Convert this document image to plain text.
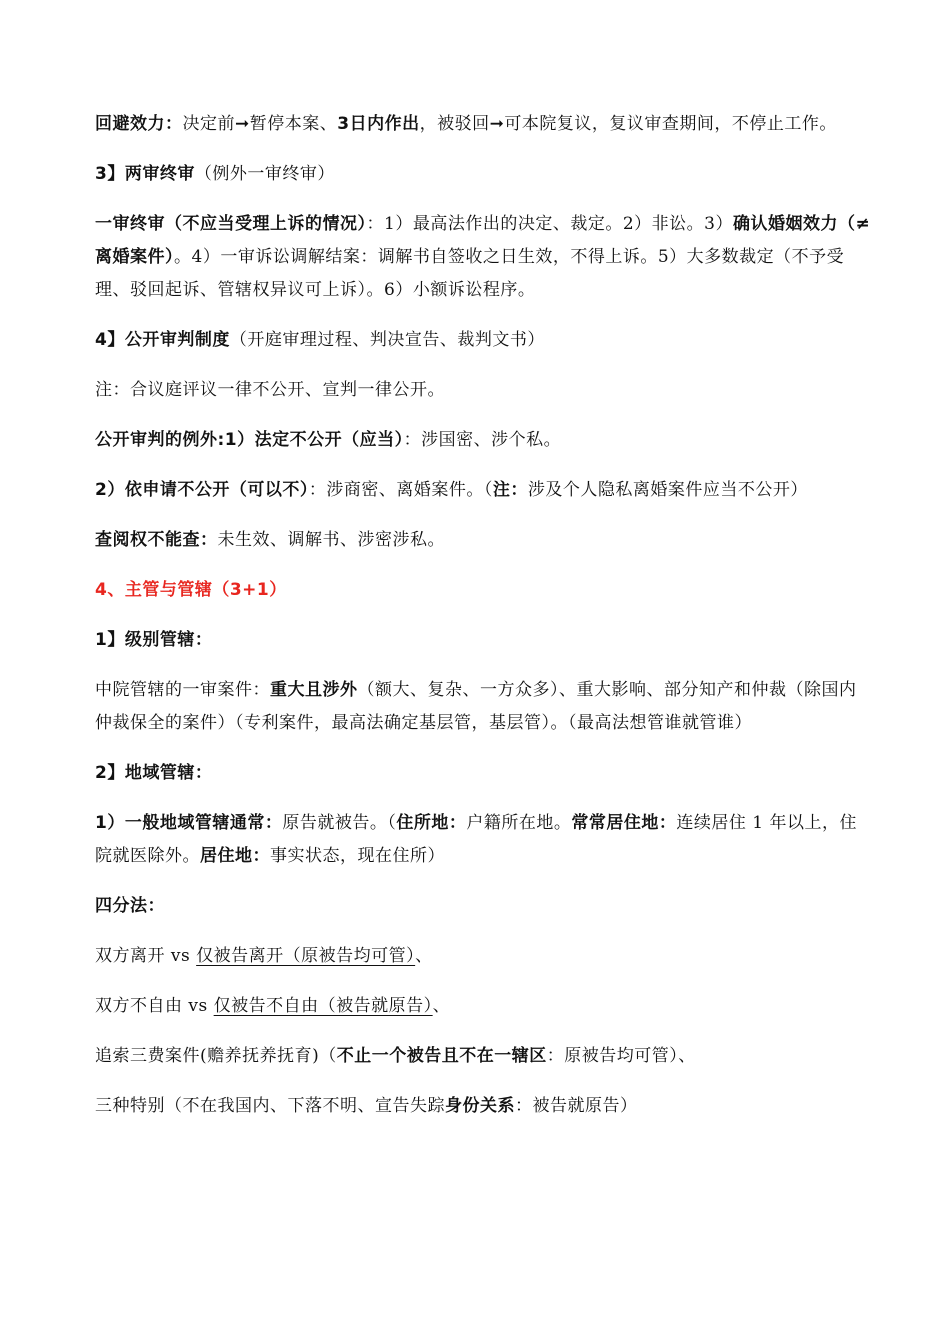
回避效力：决定前➞暂停本案、3日内作出，被驳回➞可本院复议，复议审查期间，不停止工作。

3】两审终审（例外一审终审）

一审终审（不应当受理上诉的情况）：1）最高法作出的决定、裁定。2）非讼。3）确认婚姻效力（≠离婚案件）。4）一审诉讼调解结案：调解书自签收之日生效，不得上诉。5）大多数裁定（不予受理、驳回起诉、管辖权异议可上诉）。6）小额诉讼程序。

4】公开审判制度（开庭审理过程、判决宣告、裁判文书）

注：合议庭评议一律不公开、宣判一律公开。

公开审判的例外:1）法定不公开（应当）：涉国密、涉个私。

2）依申请不公开（可以不）：涉商密、离婚案件。（注：涉及个人隐私离婚案件应当不公开）

查阅权不能查：未生效、调解书、涉密涉私。

4、主管与管辖（3+1）

1】级别管辖：

中院管辖的一审案件：重大且涉外（额大、复杂、一方众多）、重大影响、部分知产和仲裁（除国内仲裁保全的案件）（专利案件，最高法确定基层管，基层管）。（最高法想管谁就管谁）

2】地域管辖：

1）一般地域管辖通常：原告就被告。（住所地：户籍所在地。常常居住地：连续居住 1 年以上，住院就医除外。居住地：事实状态，现在住所）

四分法：

双方离开 vs 仅被告离开（原被告均可管）、

双方不自由 vs 仅被告不自由（被告就原告）、

追索三费案件(赡养抚养抚育)（不止一个被告且不在一辖区：原被告均可管）、

三种特别（不在我国内、下落不明、宣告失踪身份关系：被告就原告）
